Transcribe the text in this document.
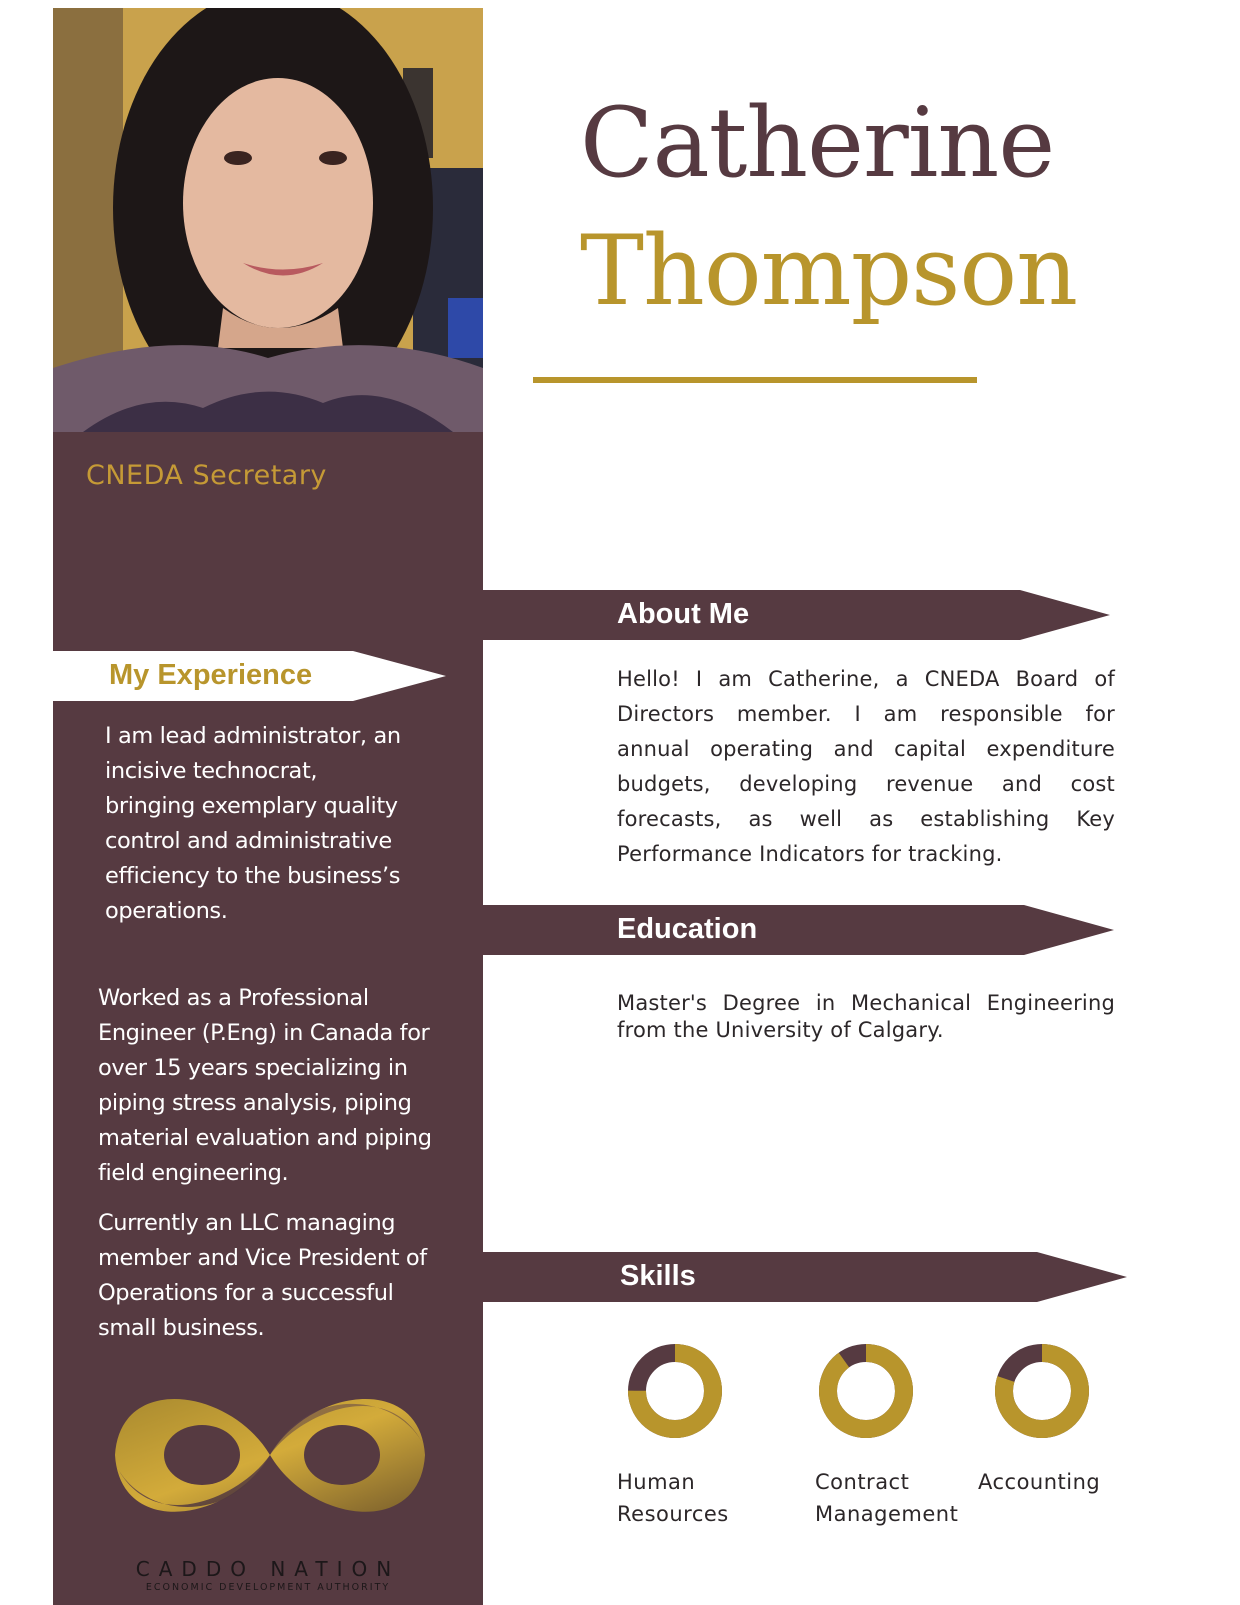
CNEDA Secretary
My Experience

I am lead administrator, an incisive technocrat, bringing exemplary quality control and administrative efficiency to the business’s operations.

Worked as a Professional Engineer (P.Eng) in Canada for over 15 years specializing in piping stress analysis, piping material evaluation and piping field engineering.

Currently an LLC managing member and Vice President of Operations for a successful small business.

CADDO NATION
ECONOMIC DEVELOPMENT AUTHORITY
Catherine
Thompson
About Me

Hello! I am Catherine, a CNEDA Board of Directors member. I am responsible for annual operating and capital expenditure budgets, developing revenue and cost forecasts, as well as establishing Key Performance Indicators for tracking.

Education

Master's Degree in Mechanical Engineering from the University of Calgary.

Skills

Human
Resources

Contract
Management

Accounting
